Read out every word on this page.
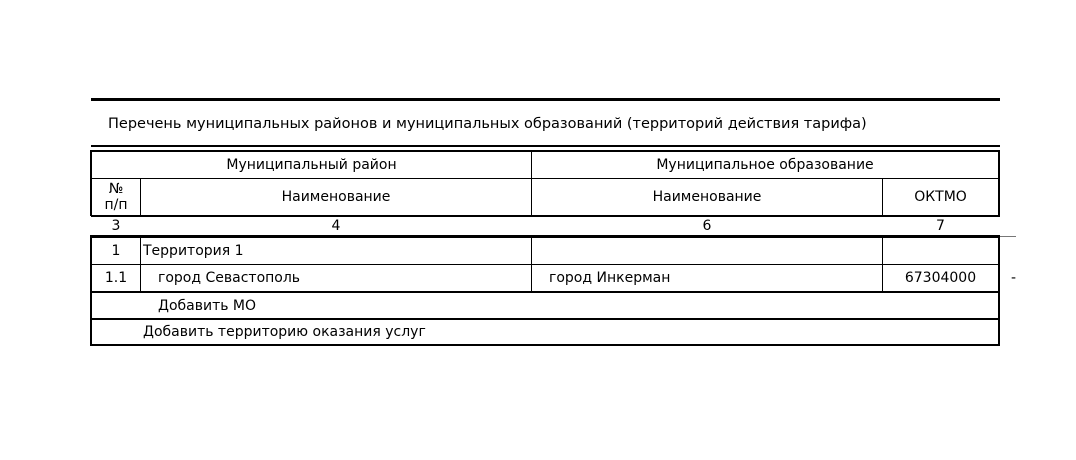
Перечень муниципальных районов и муниципальных образований (территорий действия тарифа)
Муниципальный район	Муниципальное образование
№ п/п	Наименование	Наименование	ОКТМО
3	4	6	7
1	Территория 1
1.1	город Севастополь	город Инкерман	67304000	-
Добавить МО
Добавить территорию оказания услуг
